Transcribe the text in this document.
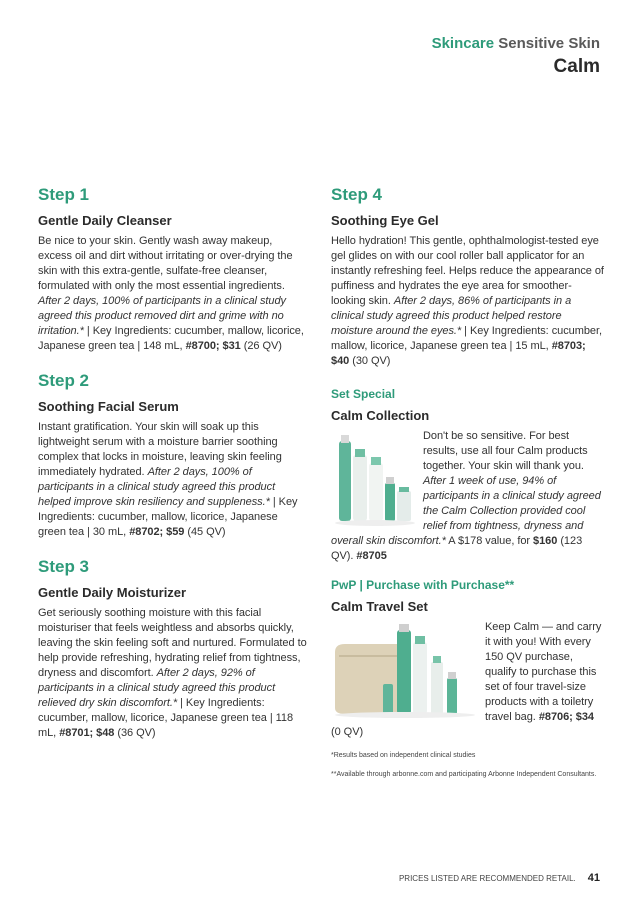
Skincare Sensitive Skin
Calm
Step 1
Gentle Daily Cleanser

Be nice to your skin. Gently wash away makeup, excess oil and dirt without irritating or over-drying the skin with this extra-gentle, sulfate-free cleanser, formulated with only the most essential ingredients. After 2 days, 100% of participants in a clinical study agreed this product removed dirt and grime with no irritation.* | Key Ingredients: cucumber, mallow, licorice, Japanese green tea | 148 mL, #8700; $31 (26 QV)

Step 2
Soothing Facial Serum

Instant gratification. Your skin will soak up this lightweight serum with a moisture barrier soothing complex that locks in moisture, leaving skin feeling immediately hydrated. After 2 days, 100% of participants in a clinical study agreed this product helped improve skin resiliency and suppleness.* | Key Ingredients: cucumber, mallow, licorice, Japanese green tea | 30 mL, #8702; $59 (45 QV)

Step 3
Gentle Daily Moisturizer

Get seriously soothing moisture with this facial moisturiser that feels weightless and absorbs quickly, leaving the skin feeling soft and nurtured. Formulated to help provide refreshing, hydrating relief from tightness, dryness and discomfort. After 2 days, 92% of participants in a clinical study agreed this product relieved dry skin discomfort.* | Key Ingredients: cucumber, mallow, licorice, Japanese green tea | 118 mL, #8701; $48 (36 QV)

Step 4
Soothing Eye Gel

Hello hydration! This gentle, ophthalmologist-tested eye gel glides on with our cool roller ball applicator for an instantly refreshing feel. Helps reduce the appearance of puffiness and hydrates the eye area for smoother-looking skin. After 2 days, 86% of participants in a clinical study agreed this product helped restore moisture around the eyes.* | Key Ingredients: cucumber, mallow, licorice, Japanese green tea | 15 mL, #8703; $40 (30 QV)

Set Special
Calm Collection

Don't be so sensitive. For best results, use all four Calm products together. Your skin will thank you. After 1 week of use, 94% of participants in a clinical study agreed the Calm Collection provided cool relief from tightness, dryness and overall skin discomfort.* A $178 value, for $160 (123 QV). #8705

PwP | Purchase with Purchase**
Calm Travel Set

Keep Calm — and carry it with you! With every 150 QV purchase, qualify to purchase this set of four travel-size products with a toiletry travel bag. #8706; $34 (0 QV)

*Results based on independent clinical studies

**Available through arbonne.com and participating Arbonne Independent Consultants.

PRICES LISTED ARE RECOMMENDED RETAIL. 41
